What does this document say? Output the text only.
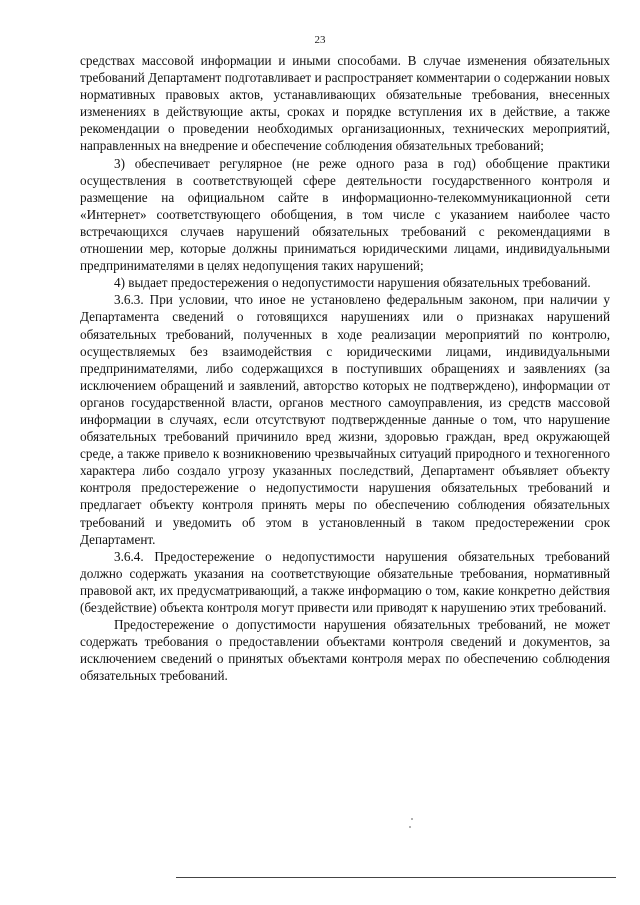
23

средствах массовой информации и иными способами. В случае изменения обязательных требований Департамент подготавливает и распространяет комментарии о содержании новых нормативных правовых актов, устанавливающих обязательные требования, внесенных изменениях в действующие акты, сроках и порядке вступления их в действие, а также рекомендации о проведении необходимых организационных, технических мероприятий, направленных на внедрение и обеспечение соблюдения обязательных требований;

3) обеспечивает регулярное (не реже одного раза в год) обобщение практики осуществления в соответствующей сфере деятельности государственного контроля и размещение на официальном сайте в информационно-телекоммуникационной сети «Интернет» соответствующего обобщения, в том числе с указанием наиболее часто встречающихся случаев нарушений обязательных требований с рекомендациями в отношении мер, которые должны приниматься юридическими лицами, индивидуальными предпринимателями в целях недопущения таких нарушений;

4) выдает предостережения о недопустимости нарушения обязательных требований.

3.6.3. При условии, что иное не установлено федеральным законом, при наличии у Департамента сведений о готовящихся нарушениях или о признаках нарушений обязательных требований, полученных в ходе реализации мероприятий по контролю, осуществляемых без взаимодействия с юридическими лицами, индивидуальными предпринимателями, либо содержащихся в поступивших обращениях и заявлениях (за исключением обращений и заявлений, авторство которых не подтверждено), информации от органов государственной власти, органов местного самоуправления, из средств массовой информации в случаях, если отсутствуют подтвержденные данные о том, что нарушение обязательных требований причинило вред жизни, здоровью граждан, вред окружающей среде, а также привело к возникновению чрезвычайных ситуаций природного и техногенного характера либо создало угрозу указанных последствий, Департамент объявляет объекту контроля предостережение о недопустимости нарушения обязательных требований и предлагает объекту контроля принять меры по обеспечению соблюдения обязательных требований и уведомить об этом в установленный в таком предостережении срок Департамент.

3.6.4. Предостережение о недопустимости нарушения обязательных требований должно содержать указания на соответствующие обязательные требования, нормативный правовой акт, их предусматривающий, а также информацию о том, какие конкретно действия (бездействие) объекта контроля могут привести или приводят к нарушению этих требований.

Предостережение о допустимости нарушения обязательных требований, не может содержать требования о предоставлении объектами контроля сведений и документов, за исключением сведений о принятых объектами контроля мерах по обеспечению соблюдения обязательных требований.
